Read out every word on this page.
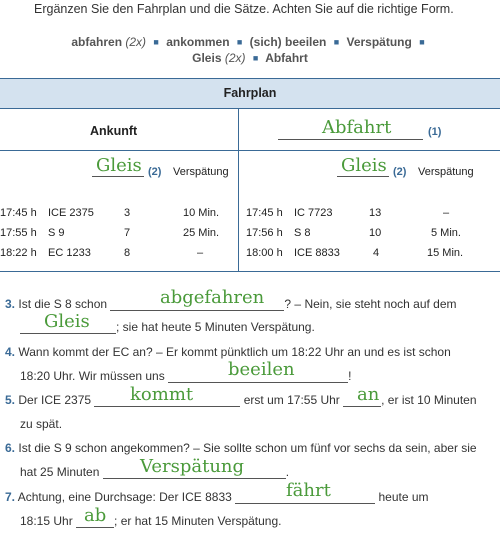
Ergänzen Sie den Fahrplan und die Sätze. Achten Sie auf die richtige Form.
abfahren (2x) ■ ankommen ■ (sich) beeilen ■ Verspätung ■
Gleis (2x) ■ Abfahrt
Fahrplan
Ankunft	Abfahrt	(1)
Gleis (2) Verspätung	Gleis (2) Verspätung
17:45 h ICE 2375	3	10 Min.
17:55 h S 9	7	25 Min.
18:22 h EC 1233	8	–
17:45 h IC 7723	13	–
17:56 h S 8	10	5 Min.
18:00 h ICE 8833	4	15 Min.
3. Ist die S 8 schon	? – Nein, sie steht noch auf dem
abgefahren
; sie hat heute 5 Minuten Verspätung.
Gleis
4. Wann kommt der EC an? – Er kommt pünktlich um 18:22 Uhr an und es ist schon
18:20 Uhr. Wir müssen uns	!
beeilen
5. Der ICE 2375	erst um 17:55 Uhr	, er ist 10 Minuten
kommt	an
zu spät.
6. Ist die S 9 schon angekommen? – Sie sollte schon um fünf vor sechs da sein, aber sie
hat 25 Minuten	.
Verspätung
7. Achtung, eine Durchsage: Der ICE 8833	heute um
fährt
18:15 Uhr	; er hat 15 Minuten Verspätung.
ab
